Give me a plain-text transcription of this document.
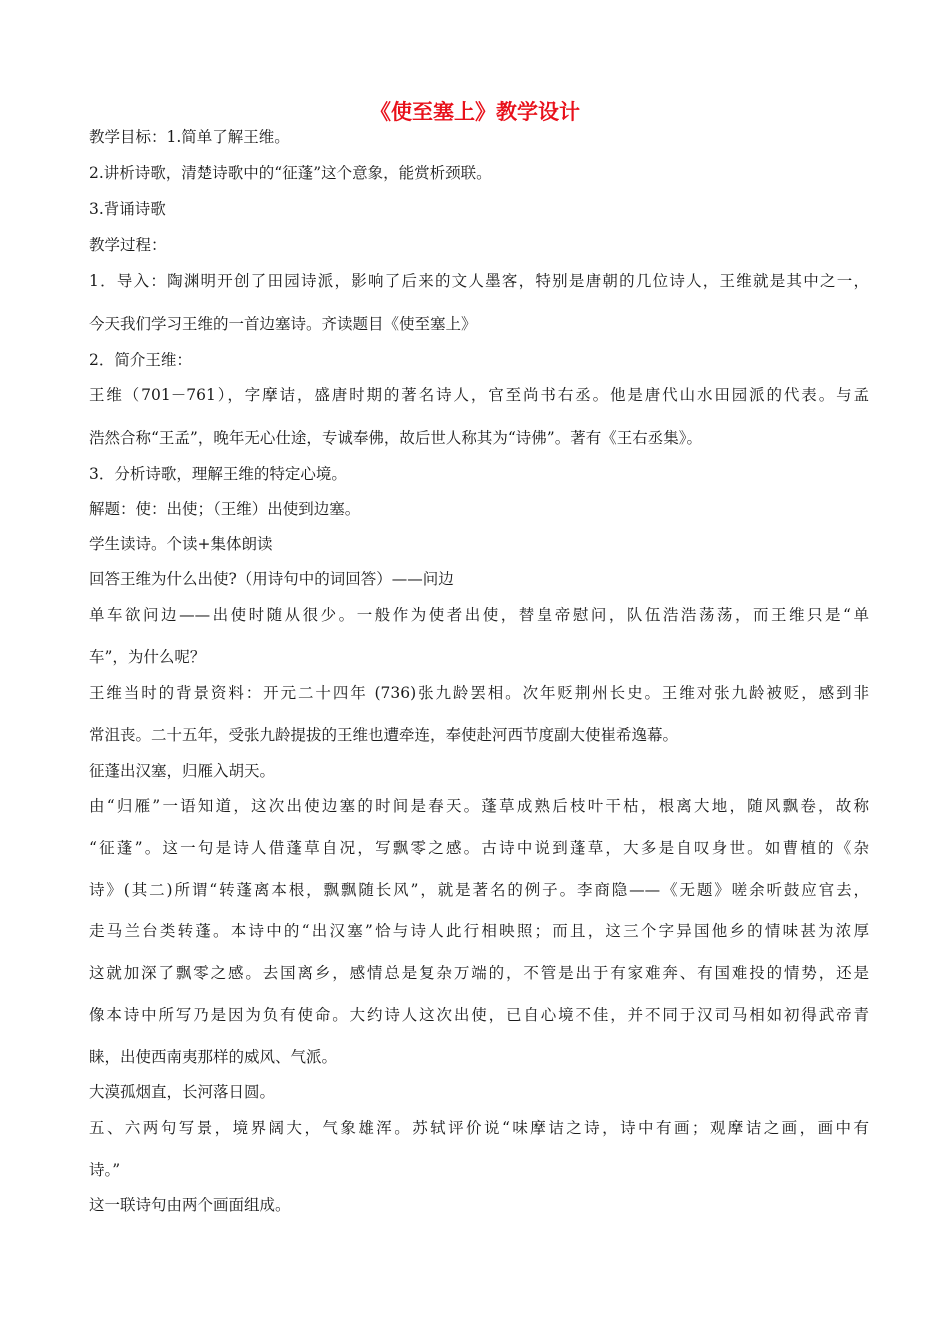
《使至塞上》教学设计
教学目标：1.简单了解王维。
2.讲析诗歌，清楚诗歌中的“征蓬”这个意象，能赏析颈联。
3.背诵诗歌
教学过程：
1．导入：陶渊明开创了田园诗派，影响了后来的文人墨客，特别是唐朝的几位诗人，王维就是其中之一，
今天我们学习王维的一首边塞诗。齐读题目《使至塞上》
2．简介王维：
王维（701－761），字摩诘，盛唐时期的著名诗人，官至尚书右丞。他是唐代山水田园派的代表。与孟
浩然合称“王孟”，晚年无心仕途，专诚奉佛，故后世人称其为“诗佛”。著有《王右丞集》。
3．分析诗歌，理解王维的特定心境。
解题：使：出使；（王维）出使到边塞。
学生读诗。个读+集体朗读
回答王维为什么出使?（用诗句中的词回答）——问边
单车欲问边——出使时随从很少。一般作为使者出使，替皇帝慰问，队伍浩浩荡荡，而王维只是“单
车”，为什么呢？
王维当时的背景资料：开元二十四年 (736)张九龄罢相。次年贬荆州长史。王维对张九龄被贬，感到非
常沮丧。二十五年，受张九龄提拔的王维也遭牵连，奉使赴河西节度副大使崔希逸幕。
征蓬出汉塞，归雁入胡天。
由“归雁”一语知道，这次出使边塞的时间是春天。蓬草成熟后枝叶干枯，根离大地，随风飘卷，故称
“征蓬”。这一句是诗人借蓬草自况，写飘零之感。古诗中说到蓬草，大多是自叹身世。如曹植的《杂
诗》(其二)所谓“转蓬离本根，飘飘随长风”，就是著名的例子。李商隐——《无题》嗟余听鼓应官去，
走马兰台类转蓬。本诗中的“出汉塞”恰与诗人此行相映照；而且，这三个字异国他乡的情味甚为浓厚
这就加深了飘零之感。去国离乡，感情总是复杂万端的，不管是出于有家难奔、有国难投的情势，还是
像本诗中所写乃是因为负有使命。大约诗人这次出使，已自心境不佳，并不同于汉司马相如初得武帝青
睐，出使西南夷那样的威风、气派。
大漠孤烟直，长河落日圆。
五、六两句写景，境界阔大，气象雄浑。苏轼评价说“味摩诘之诗，诗中有画；观摩诘之画，画中有
诗。”
这一联诗句由两个画面组成。
